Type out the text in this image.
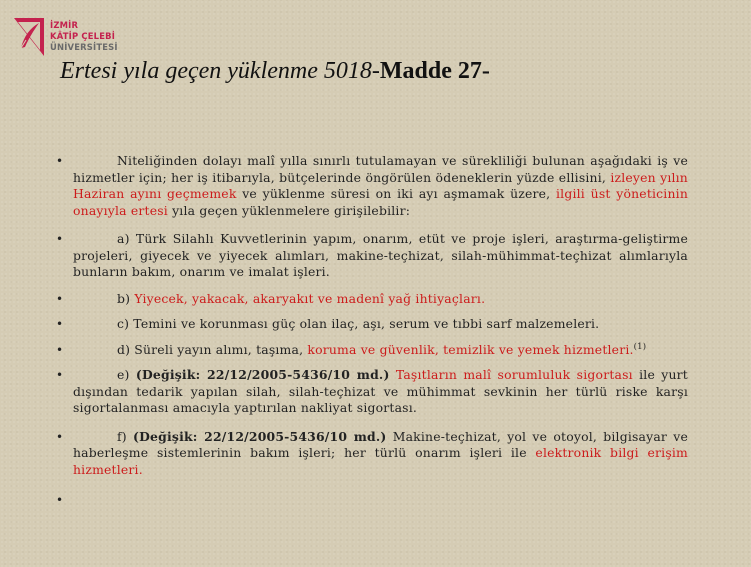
İZMİR
KÂTİP ÇELEBİ
ÜNİVERSİTESİ
Ertesi yıla geçen yüklenme 5018-Madde 27-

•	Niteliğinden dolayı malî yılla sınırlı tutulamayan ve sürekliliği bulunan aşağıdaki iş ve hizmetler için; her iş itibarıyla, bütçelerinde öngörülen ödeneklerin yüzde ellisini, izleyen yılın Haziran ayını geçmemek ve yüklenme süresi on iki ayı aşmamak üzere, ilgili üst yöneticinin onayıyla ertesi yıla geçen yüklenmelere girişilebilir:

•	a) Türk Silahlı Kuvvetlerinin yapım, onarım, etüt ve proje işleri, araştırma-geliştirme projeleri, giyecek ve yiyecek alımları, makine-teçhizat, silah-mühimmat-teçhizat alımlarıyla bunların bakım, onarım ve imalat işleri.

•	b) Yiyecek, yakacak, akaryakıt ve madenî yağ ihtiyaçları.

•	c) Temini ve korunması güç olan ilaç, aşı, serum ve tıbbi sarf malzemeleri.

•	d) Süreli yayın alımı, taşıma, koruma ve güvenlik, temizlik ve yemek hizmetleri.$^{(1)}$

•	e) (Değişik: 22/12/2005-5436/10 md.) Taşıtların malî sorumluluk sigortası ile yurt dışından tedarik yapılan silah, silah-teçhizat ve mühimmat sevkinin her türlü riske karşı sigortalanması amacıyla yaptırılan nakliyat sigortası.

•	f) (Değişik: 22/12/2005-5436/10 md.) Makine-teçhizat, yol ve otoyol, bilgisayar ve haberleşme sistemlerinin bakım işleri; her türlü onarım işleri ile elektronik bilgi erişim hizmetleri.

•
